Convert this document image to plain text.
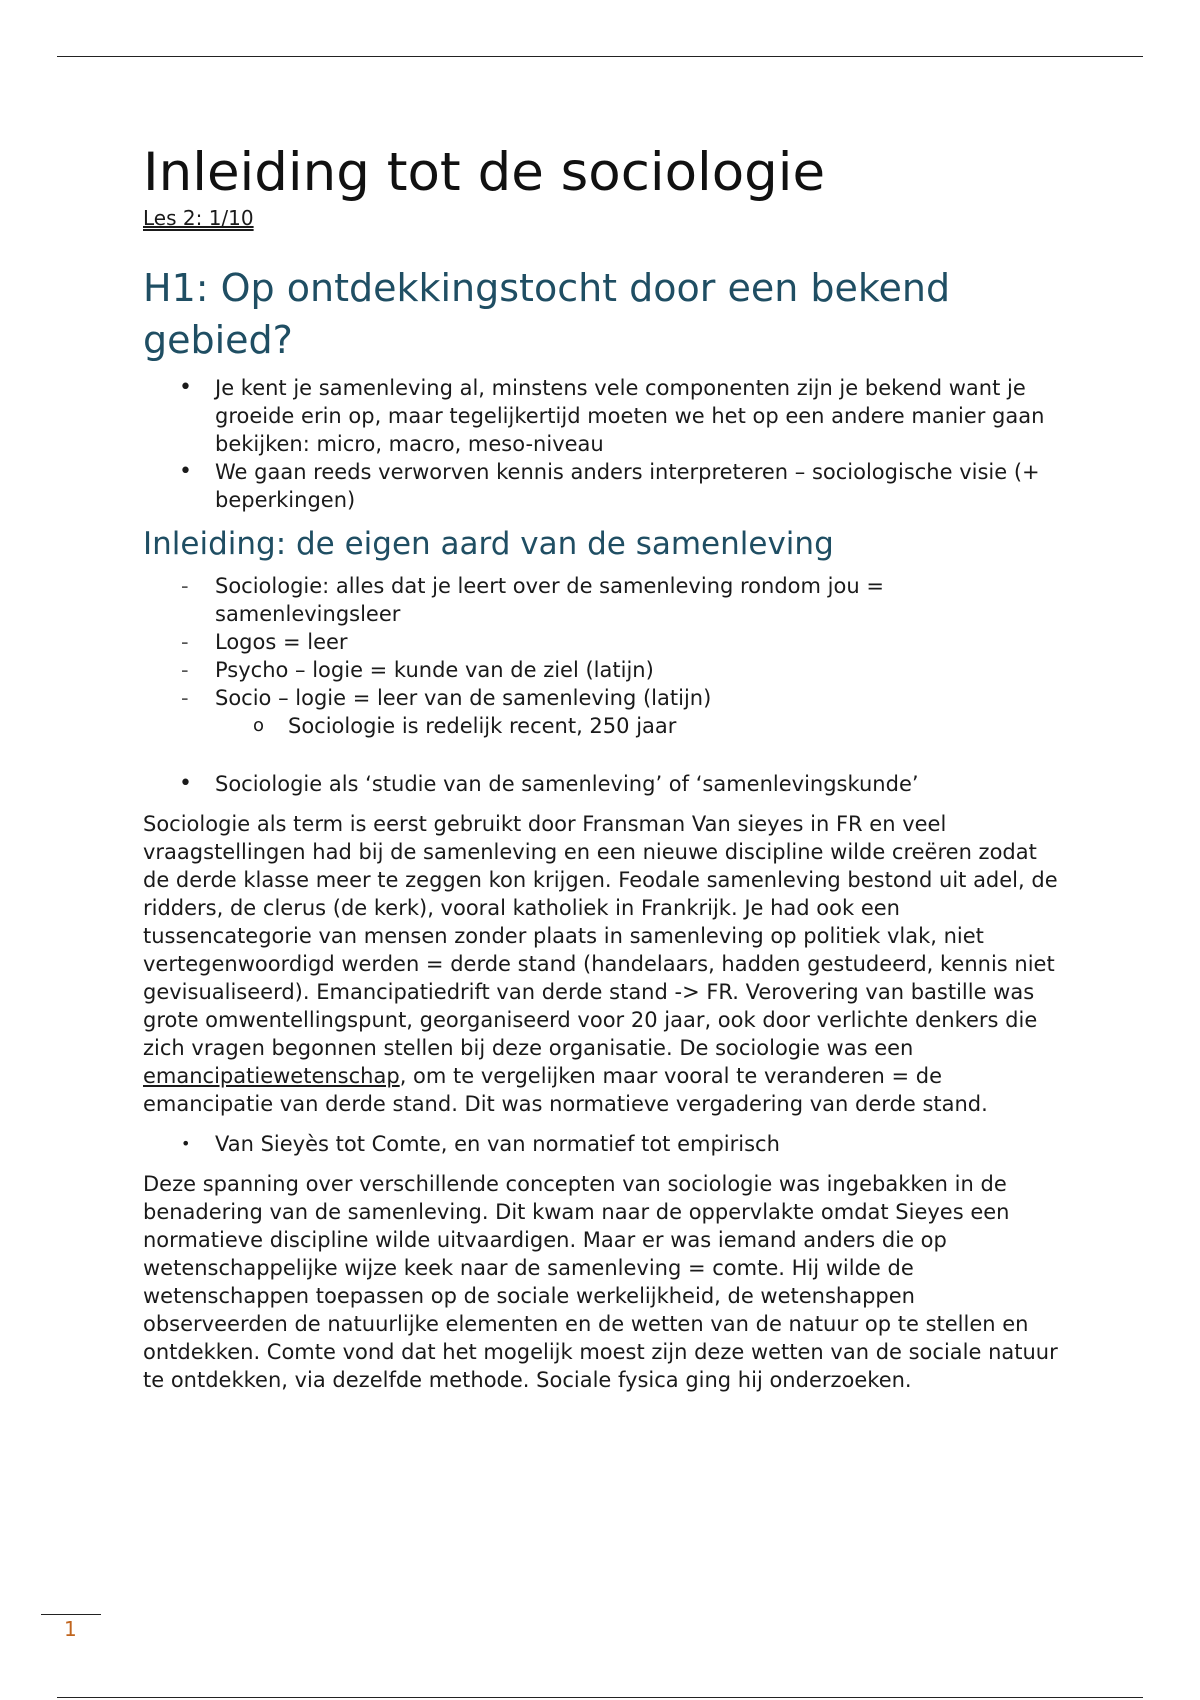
Inleiding tot de sociologie
Les 2: 1/10
H1: Op ontdekkingstocht door een bekend gebied?
• Je kent je samenleving al, minstens vele componenten zijn je bekend want je groeide erin op, maar tegelijkertijd moeten we het op een andere manier gaan bekijken: micro, macro, meso-niveau
• We gaan reeds verworven kennis anders interpreteren – sociologische visie (+ beperkingen)
Inleiding: de eigen aard van de samenleving
- Sociologie: alles dat je leert over de samenleving rondom jou = samenlevingsleer
- Logos = leer
- Psycho – logie = kunde van de ziel (latijn)
- Socio – logie = leer van de samenleving (latijn)
o Sociologie is redelijk recent, 250 jaar
• Sociologie als ‘studie van de samenleving’ of ‘samenlevingskunde’

Sociologie als term is eerst gebruikt door Fransman Van sieyes in FR en veel vraagstellingen had bij de samenleving en een nieuwe discipline wilde creëren zodat de derde klasse meer te zeggen kon krijgen. Feodale samenleving bestond uit adel, de ridders, de clerus (de kerk), vooral katholiek in Frankrijk. Je had ook een tussencategorie van mensen zonder plaats in samenleving op politiek vlak, niet vertegenwoordigd werden = derde stand (handelaars, hadden gestudeerd, kennis niet gevisualiseerd). Emancipatiedrift van derde stand -> FR. Verovering van bastille was grote omwentellingspunt, georganiseerd voor 20 jaar, ook door verlichte denkers die zich vragen begonnen stellen bij deze organisatie. De sociologie was een emancipatiewetenschap, om te vergelijken maar vooral te veranderen = de emancipatie van derde stand. Dit was normatieve vergadering van derde stand.

• Van Sieyès tot Comte, en van normatief tot empirisch

Deze spanning over verschillende concepten van sociologie was ingebakken in de benadering van de samenleving. Dit kwam naar de oppervlakte omdat Sieyes een normatieve discipline wilde uitvaardigen. Maar er was iemand anders die op wetenschappelijke wijze keek naar de samenleving = comte. Hij wilde de wetenschappen toepassen op de sociale werkelijkheid, de wetenshappen observeerden de natuurlijke elementen en de wetten van de natuur op te stellen en ontdekken. Comte vond dat het mogelijk moest zijn deze wetten van de sociale natuur te ontdekken, via dezelfde methode. Sociale fysica ging hij onderzoeken.

1
